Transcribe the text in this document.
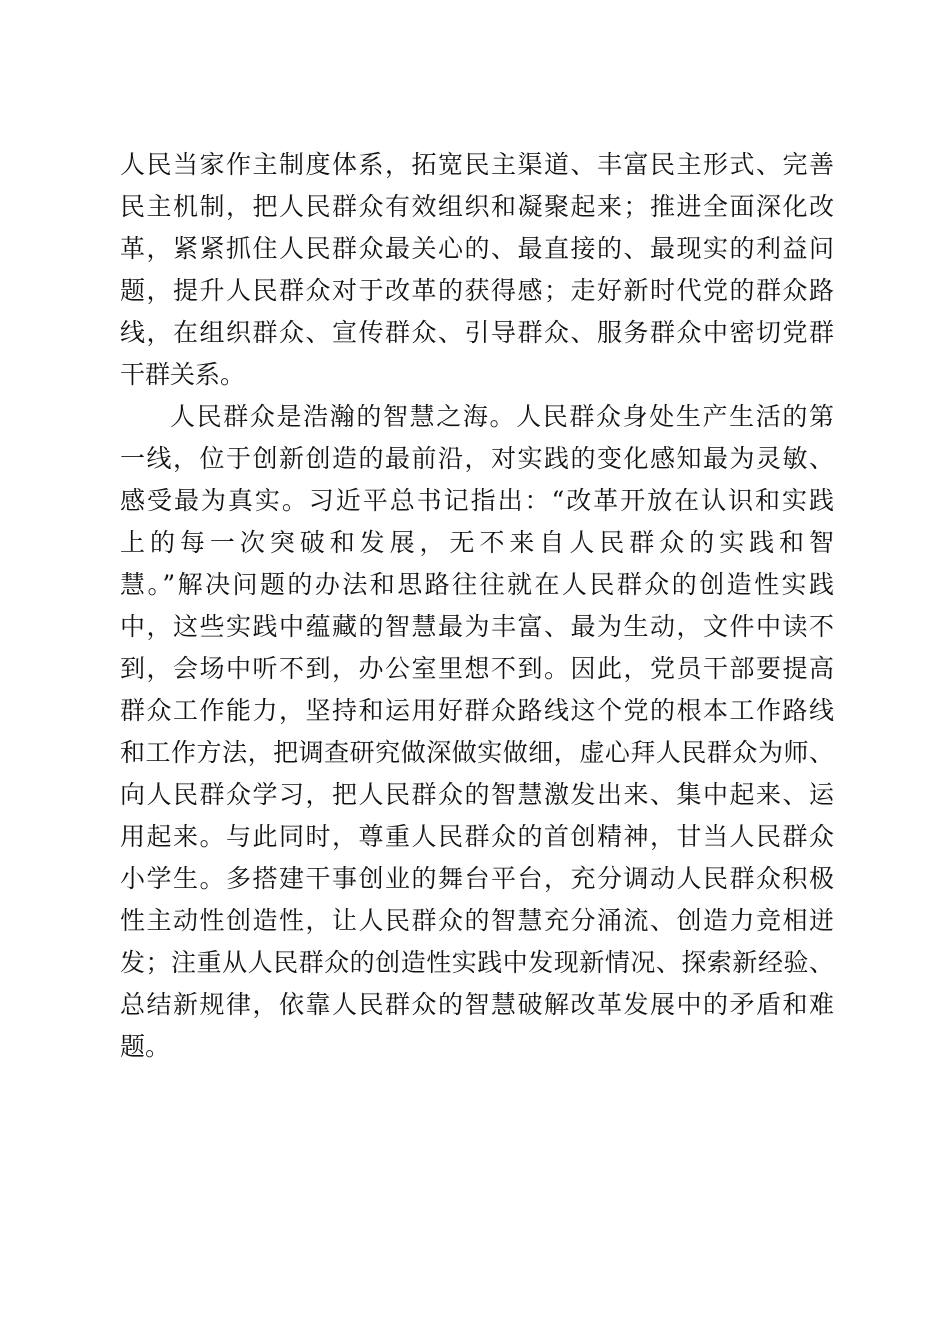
人民当家作主制度体系，拓宽民主渠道、丰富民主形式、完善
民主机制，把人民群众有效组织和凝聚起来；推进全面深化改
革，紧紧抓住人民群众最关心的、最直接的、最现实的利益问
题，提升人民群众对于改革的获得感；走好新时代党的群众路
线，在组织群众、宣传群众、引导群众、服务群众中密切党群
干群关系。
人民群众是浩瀚的智慧之海。人民群众身处生产生活的第
一线，位于创新创造的最前沿，对实践的变化感知最为灵敏、
感受最为真实。习近平总书记指出：“改革开放在认识和实践
上的每一次突破和发展，无不来自人民群众的实践和智
慧。”解决问题的办法和思路往往就在人民群众的创造性实践
中，这些实践中蕴藏的智慧最为丰富、最为生动，文件中读不
到，会场中听不到，办公室里想不到。因此，党员干部要提高
群众工作能力，坚持和运用好群众路线这个党的根本工作路线
和工作方法，把调查研究做深做实做细，虚心拜人民群众为师、
向人民群众学习，把人民群众的智慧激发出来、集中起来、运
用起来。与此同时，尊重人民群众的首创精神，甘当人民群众
小学生。多搭建干事创业的舞台平台，充分调动人民群众积极
性主动性创造性，让人民群众的智慧充分涌流、创造力竞相迸
发；注重从人民群众的创造性实践中发现新情况、探索新经验、
总结新规律，依靠人民群众的智慧破解改革发展中的矛盾和难
题。
